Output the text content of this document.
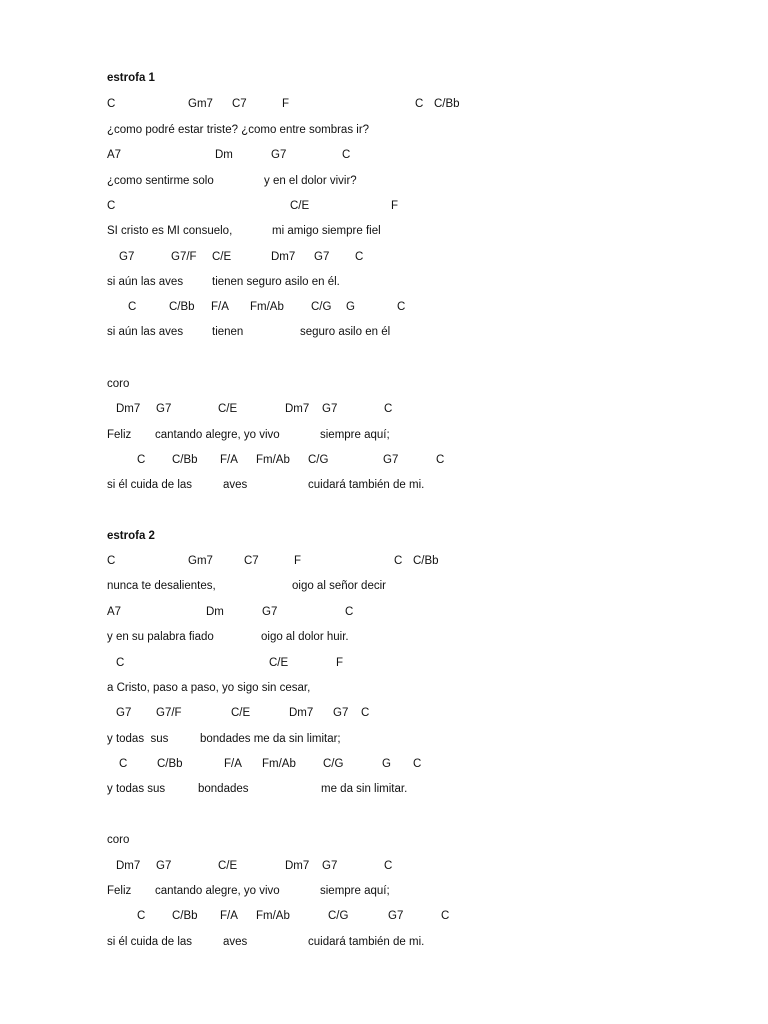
estrofa 1
C	Gm7 C7	F	C C/Bb
¿como podré estar triste? ¿como entre sombras ir?
A7	Dm	G7	C
¿como sentirme solo	y en el dolor vivir?
C	C/E	F
SI cristo es MI consuelo,	mi amigo siempre fiel
G7	G7/F C/E	Dm7 G7 C
si aún las aves	tienen seguro asilo en él.
C	C/Bb F/A Fm/Ab C/G G	C
si aún las aves	tienen	seguro asilo en él
coro
Dm7 G7	C/E	Dm7 G7	C
Feliz cantando alegre, yo vivo	siempre aquí;
C C/Bb F/A Fm/Ab C/G	G7	C
si él cuida de las	aves	cuidará también de mi.
estrofa 2
C	Gm7	C7	F	C C/Bb
nunca te desalientes,	oigo al señor decir
A7	Dm	G7	C
y en su palabra fiado	oigo al dolor huir.
C	C/E	F
a Cristo, paso a paso, yo sigo sin cesar,
G7 G7/F	C/E	Dm7 G7 C
y todas  sus	bondades me da sin limitar;
C	C/Bb	F/A Fm/Ab C/G	G C
y todas sus	bondades	me da sin limitar.
coro
Dm7 G7	C/E	Dm7 G7	C
Feliz cantando alegre, yo vivo	siempre aquí;
C C/Bb F/A Fm/Ab	C/G	G7	C
si él cuida de las	aves	cuidará también de mi.
